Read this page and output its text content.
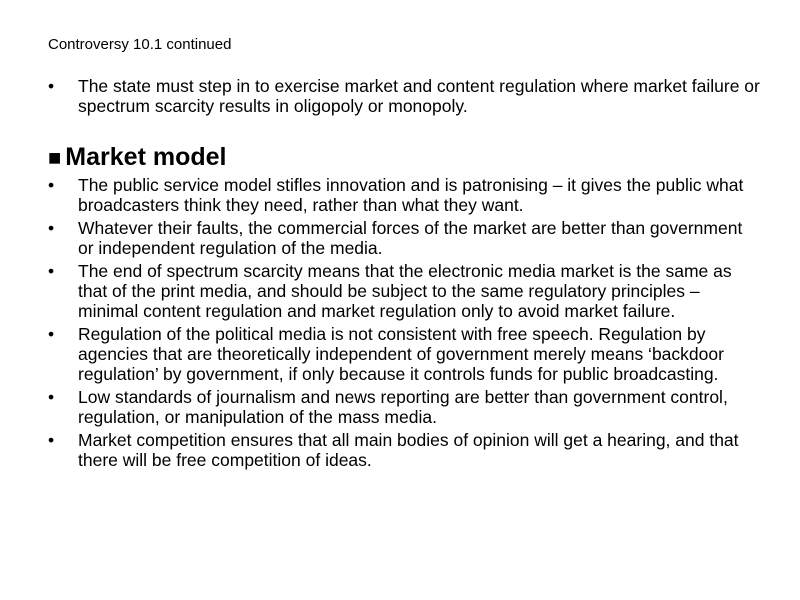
Controversy 10.1 continued
• The state must step in to exercise market and content regulation where market failure or spectrum scarcity results in oligopoly or monopoly.
■ Market model
• The public service model stifles innovation and is patronising – it gives the public what broadcasters think they need, rather than what they want.
• Whatever their faults, the commercial forces of the market are better than government or independent regulation of the media.
• The end of spectrum scarcity means that the electronic media market is the same as that of the print media, and should be subject to the same regulatory principles – minimal content regulation and market regulation only to avoid market failure.
• Regulation of the political media is not consistent with free speech. Regulation by agencies that are theoretically independent of government merely means ‘backdoor regulation’ by government, if only because it controls funds for public broadcasting.
• Low standards of journalism and news reporting are better than government control, regulation, or manipulation of the mass media.
• Market competition ensures that all main bodies of opinion will get a hearing, and that there will be free competition of ideas.
